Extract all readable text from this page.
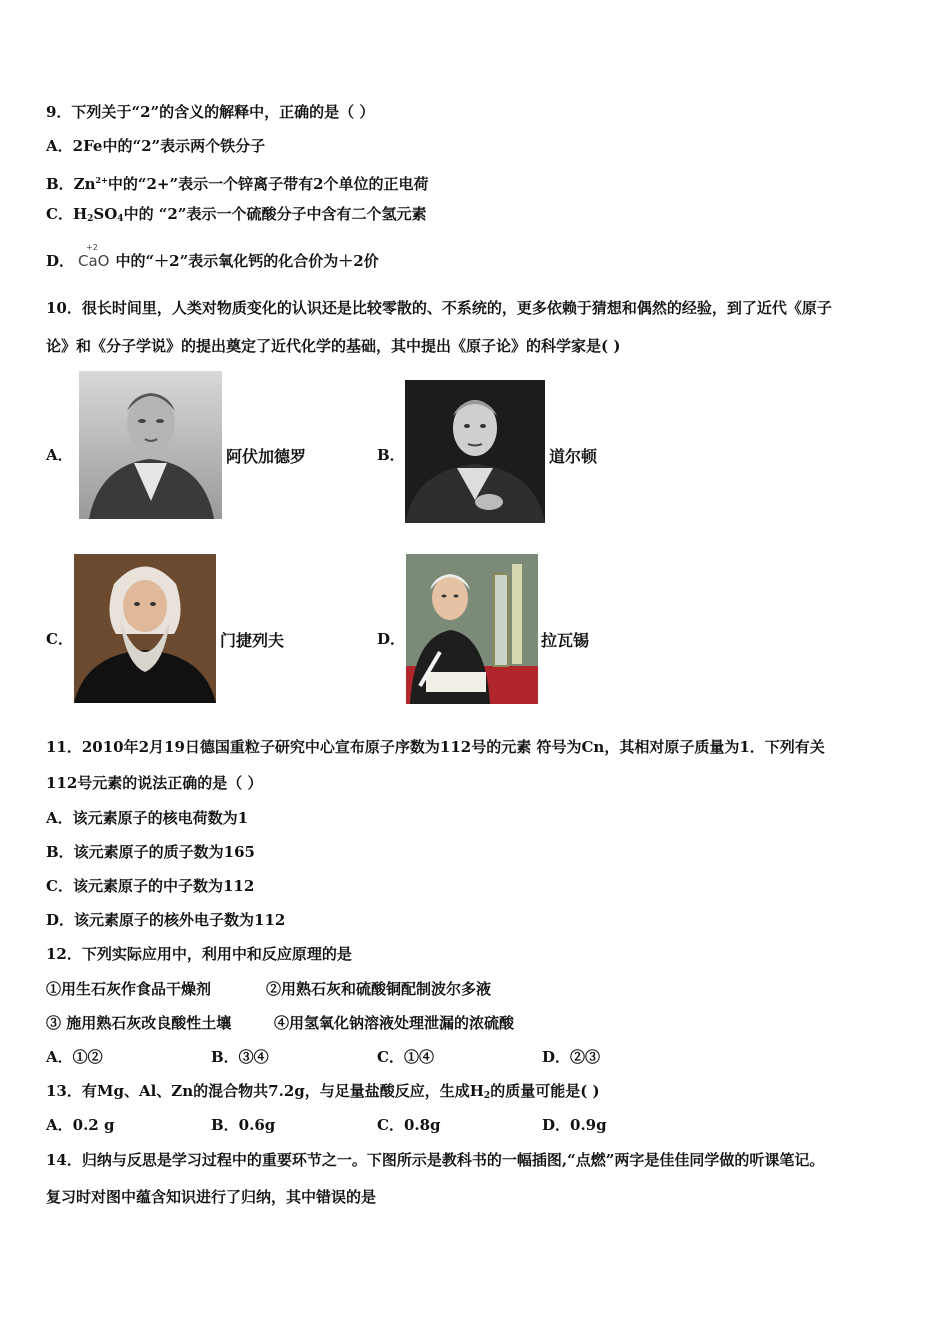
9．下列关于“2”的含义的解释中，正确的是（ ）
A．2Fe中的“2”表示两个铁分子
B．$Zn^{2+}$中的“2+”表示一个锌离子带有2个单位的正电荷
C．$H_2SO_4$中的 “2”表示一个硫酸分子中含有二个氢元素
D．
+2
CaO 中的“＋2”表示氧化钙的化合价为＋2价
10．很长时间里，人类对物质变化的认识还是比较零散的、不系统的，更多依赖于猜想和偶然的经验，到了近代《原子
论》和《分子学说》的提出奠定了近代化学的基础，其中提出《原子论》的科学家是( )
A．	阿伏加德罗	B．	道尔顿
C．	门捷列夫	D．	拉瓦锡
11．2010年2月19日德国重粒子研究中心宣布原子序数为112号的元素 符号为Cn，其相对原子质量为1．下列有关
112号元素的说法正确的是（ ）
A．该元素原子的核电荷数为1
B．该元素原子的质子数为165
C．该元素原子的中子数为112
D．该元素原子的核外电子数为112
12．下列实际应用中，利用中和反应原理的是
①用生石灰作食品干燥剂	②用熟石灰和硫酸铜配制波尔多液
③ 施用熟石灰改良酸性土壤	④用氢氧化钠溶液处理泄漏的浓硫酸
A．①②	B．③④	C．①④	D．②③
13．有Mg、Al、Zn的混合物共7.2g，与足量盐酸反应，生成$H_2$的质量可能是( )
A．0.2 g	B．0.6g	C．0.8g	D．0.9g
14．归纳与反思是学习过程中的重要环节之一。下图所示是教科书的一幅插图,“点燃”两字是佳佳同学做的听课笔记。
复习时对图中蕴含知识进行了归纳，其中错误的是
